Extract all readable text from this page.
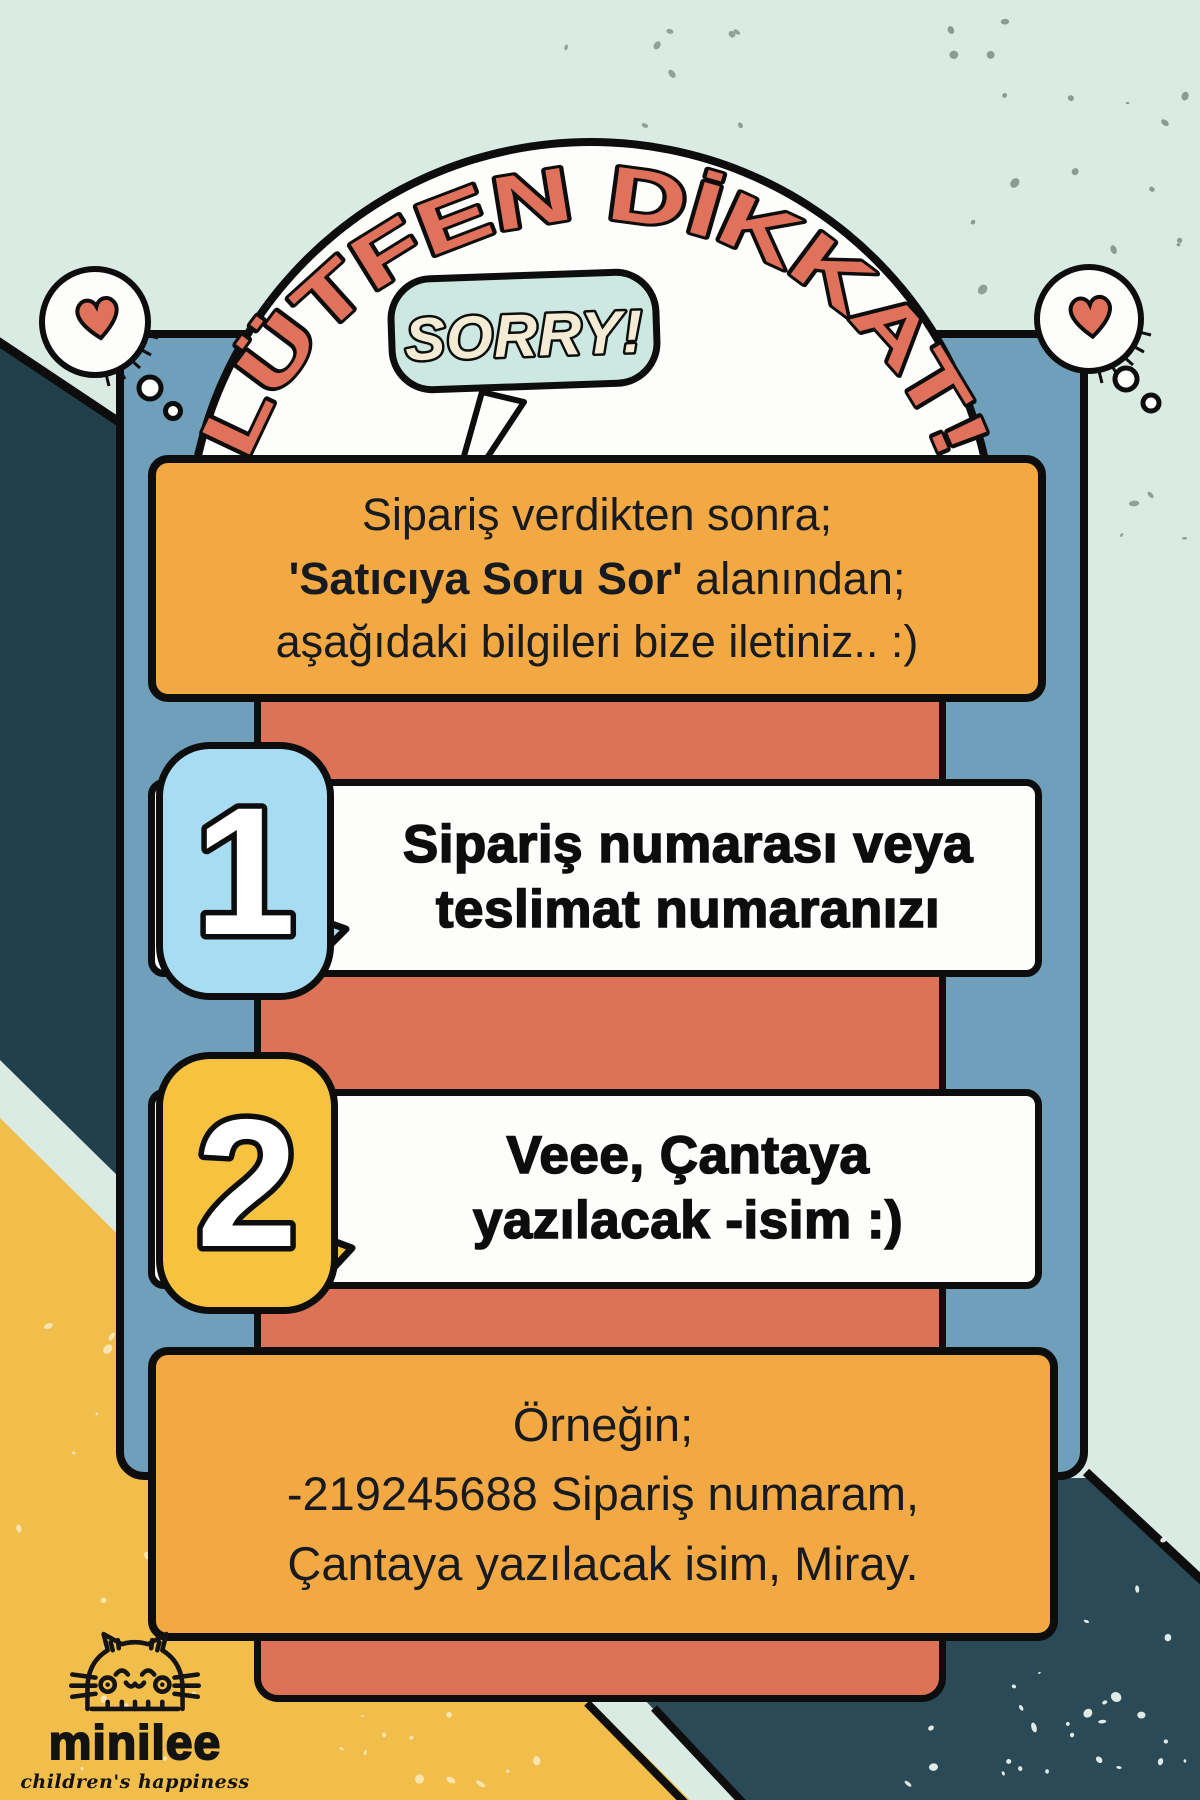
LÜTFEN DİKKAT!
SORRY!
Sipariş verdikten sonra;
'Satıcıya Soru Sor' alanından;
aşağıdaki bilgileri bize iletiniz.. :)
Sipariş numarası veya
teslimat numaranızı
1
Veee, Çantaya
yazılacak -isim :)
2
Örneğin;
-219245688 Sipariş numaram,
Çantaya yazılacak isim, Miray.
minilee
children's happiness
